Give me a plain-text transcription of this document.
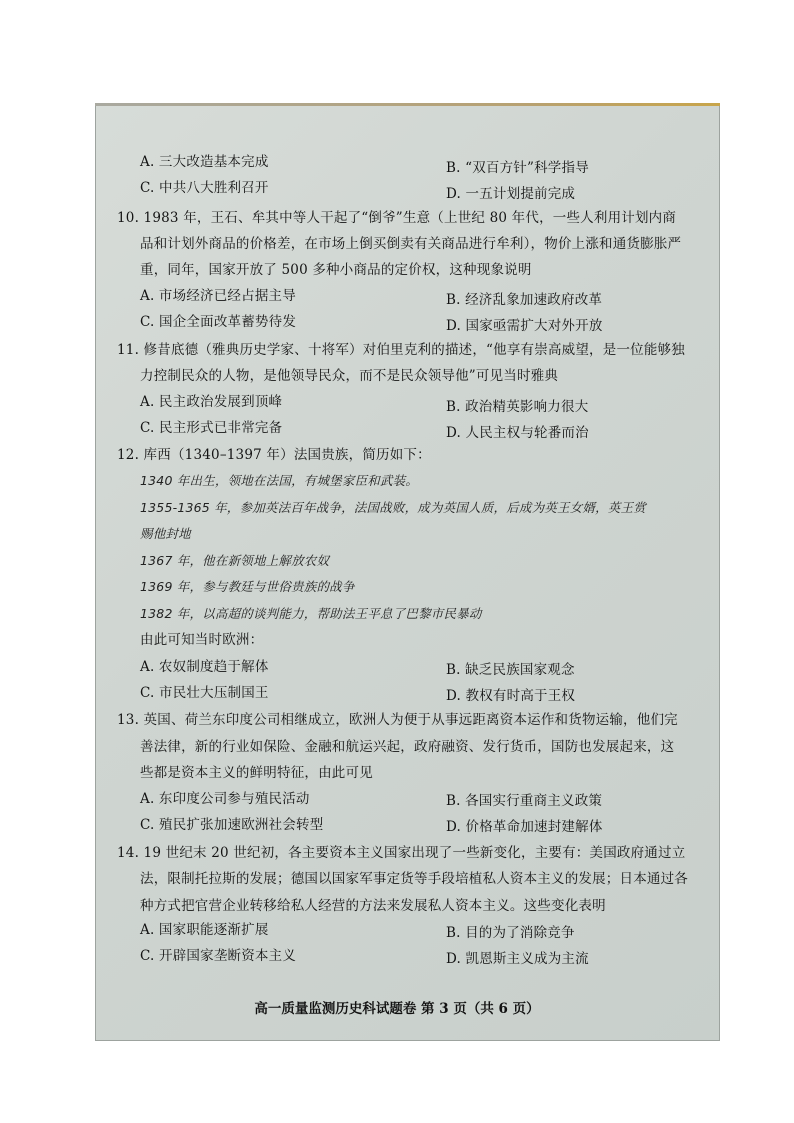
A. 三大改造基本完成	B. “双百方针”科学指导
C. 中共八大胜利召开	D. 一五计划提前完成
10. 1983 年，王石、牟其中等人干起了“倒爷”生意（上世纪 80 年代，一些人利用计划内商
品和计划外商品的价格差，在市场上倒买倒卖有关商品进行牟利），物价上涨和通货膨胀严
重，同年，国家开放了 500 多种小商品的定价权，这种现象说明
A. 市场经济已经占据主导	B. 经济乱象加速政府改革
C. 国企全面改革蓄势待发	D. 国家亟需扩大对外开放
11. 修昔底德（雅典历史学家、十将军）对伯里克利的描述，“他享有崇高威望，是一位能够独
力控制民众的人物，是他领导民众，而不是民众领导他”可见当时雅典
A. 民主政治发展到顶峰	B. 政治精英影响力很大
C. 民主形式已非常完备	D. 人民主权与轮番而治
12. 库西（1340–1397 年）法国贵族，简历如下：
1340 年出生，领地在法国，有城堡家臣和武装。
1355-1365 年，参加英法百年战争，法国战败，成为英国人质，后成为英王女婿，英王赏
赐他封地
1367 年，他在新领地上解放农奴
1369 年，参与教廷与世俗贵族的战争
1382 年，以高超的谈判能力，帮助法王平息了巴黎市民暴动
由此可知当时欧洲：
A. 农奴制度趋于解体	B. 缺乏民族国家观念
C. 市民壮大压制国王	D. 教权有时高于王权
13. 英国、荷兰东印度公司相继成立，欧洲人为便于从事远距离资本运作和货物运输，他们完
善法律，新的行业如保险、金融和航运兴起，政府融资、发行货币，国防也发展起来，这
些都是资本主义的鲜明特征，由此可见
A. 东印度公司参与殖民活动	B. 各国实行重商主义政策
C. 殖民扩张加速欧洲社会转型	D. 价格革命加速封建解体
14. 19 世纪末 20 世纪初，各主要资本主义国家出现了一些新变化，主要有：美国政府通过立
法，限制托拉斯的发展；德国以国家军事定货等手段培植私人资本主义的发展；日本通过各
种方式把官营企业转移给私人经营的方法来发展私人资本主义。这些变化表明
A. 国家职能逐渐扩展	B. 目的为了消除竞争
C. 开辟国家垄断资本主义	D. 凯恩斯主义成为主流
高一质量监测历史科试题卷 第 3 页（共 6 页）
